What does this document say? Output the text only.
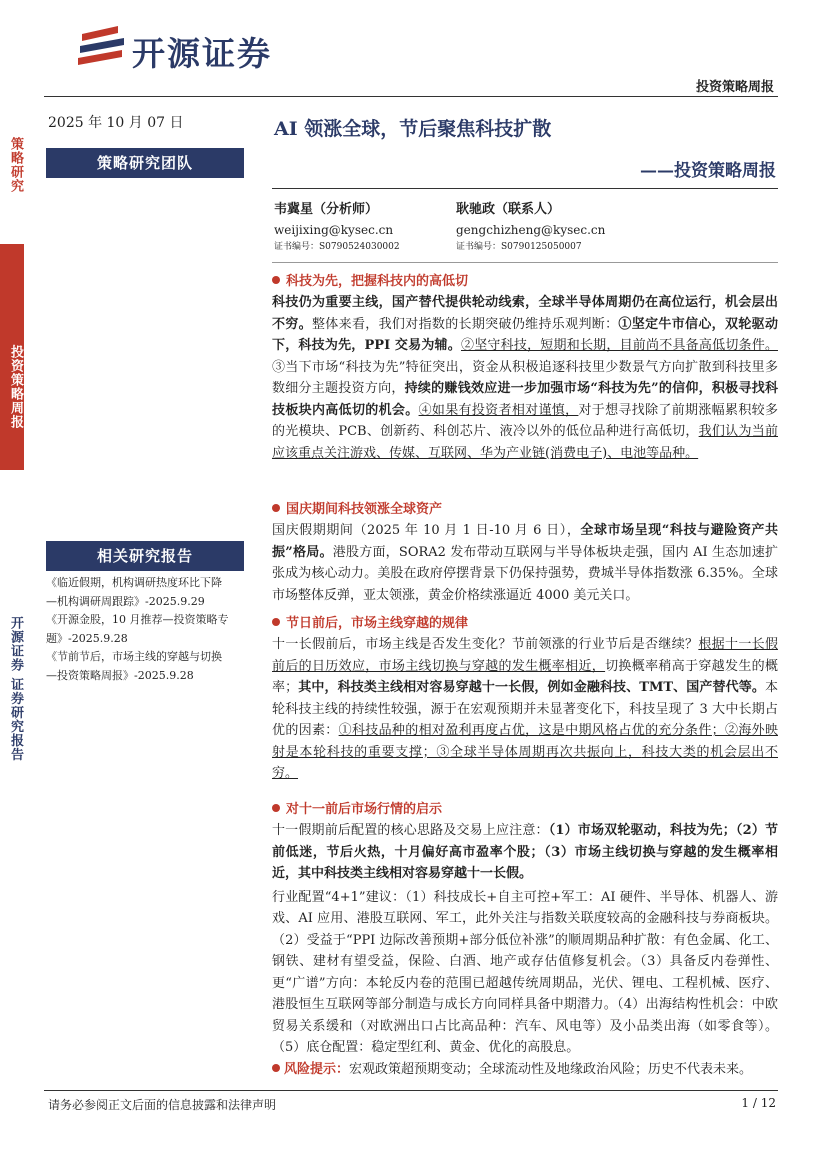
开源证券
投资策略周报
策略研究
投资策略周报
开源证券 证券研究报告
2025 年 10 月 07 日
策略研究团队
相关研究报告
《临近假期，机构调研热度环比下降
—机构调研周跟踪》-2025.9.29
《开源金股，10 月推荐—投资策略专
题》-2025.9.28
《节前节后，市场主线的穿越与切换
—投资策略周报》-2025.9.28
AI 领涨全球，节后聚焦科技扩散
——投资策略周报
韦冀星（分析师）
weijixing@kysec.cn
证书编号：S0790524030002
耿驰政（联系人）
gengchizheng@kysec.cn
证书编号：S0790125050007
科技为先，把握科技内的高低切
科技仍为重要主线，国产替代提供轮动线索，全球半导体周期仍在高位运行，机会层出不穷。整体来看，我们对指数的长期突破仍维持乐观判断：①坚定牛市信心，双轮驱动下，科技为先，PPI 交易为辅。②坚守科技，短期和长期，目前尚不具备高低切条件。③当下市场“科技为先”特征突出，资金从积极追逐科技里少数景气方向扩散到科技里多数细分主题投资方向，持续的赚钱效应进一步加强市场“科技为先”的信仰，积极寻找科技板块内高低切的机会。④如果有投资者相对谨慎，对于想寻找除了前期涨幅累积较多的光模块、PCB、创新药、科创芯片、液冷以外的低位品种进行高低切，我们认为当前应该重点关注游戏、传媒、互联网、华为产业链(消费电子)、电池等品种。
国庆期间科技领涨全球资产
国庆假期期间（2025 年 10 月 1 日-10 月 6 日），全球市场呈现“科技与避险资产共振”格局。港股方面，SORA2 发布带动互联网与半导体板块走强，国内 AI 生态加速扩张成为核心动力。美股在政府停摆背景下仍保持强势，费城半导体指数涨 6.35%。全球市场整体反弹，亚太领涨，黄金价格续涨逼近 4000 美元关口。
节日前后，市场主线穿越的规律
十一长假前后，市场主线是否发生变化？节前领涨的行业节后是否继续？根据十一长假前后的日历效应，市场主线切换与穿越的发生概率相近，切换概率稍高于穿越发生的概率；其中，科技类主线相对容易穿越十一长假，例如金融科技、TMT、国产替代等。本轮科技主线的持续性较强，源于在宏观预期并未显著变化下，科技呈现了 3 大中长期占优的因素：①科技品种的相对盈利再度占优，这是中期风格占优的充分条件；②海外映射是本轮科技的重要支撑；③全球半导体周期再次共振向上，科技大类的机会层出不穷。
对十一前后市场行情的启示
十一假期前后配置的核心思路及交易上应注意：（1）市场双轮驱动，科技为先；（2）节前低迷，节后火热，十月偏好高市盈率个股；（3）市场主线切换与穿越的发生概率相近，其中科技类主线相对容易穿越十一长假。
行业配置“4+1”建议：（1）科技成长+自主可控+军工：AI 硬件、半导体、机器人、游戏、AI 应用、港股互联网、军工，此外关注与指数关联度较高的金融科技与券商板块。（2）受益于“PPI 边际改善预期+部分低位补涨”的顺周期品种扩散：有色金属、化工、钢铁、建材有望受益，保险、白酒、地产或存估值修复机会。（3）具备反内卷弹性、更“广谱”方向：本轮反内卷的范围已超越传统周期品，光伏、锂电、工程机械、医疗、港股恒生互联网等部分制造与成长方向同样具备中期潜力。（4）出海结构性机会：中欧贸易关系缓和（对欧洲出口占比高品种：汽车、风电等）及小品类出海（如零食等）。（5）底仓配置：稳定型红利、黄金、优化的高股息。
风险提示：宏观政策超预期变动；全球流动性及地缘政治风险；历史不代表未来。
请务必参阅正文后面的信息披露和法律声明	1 / 12
